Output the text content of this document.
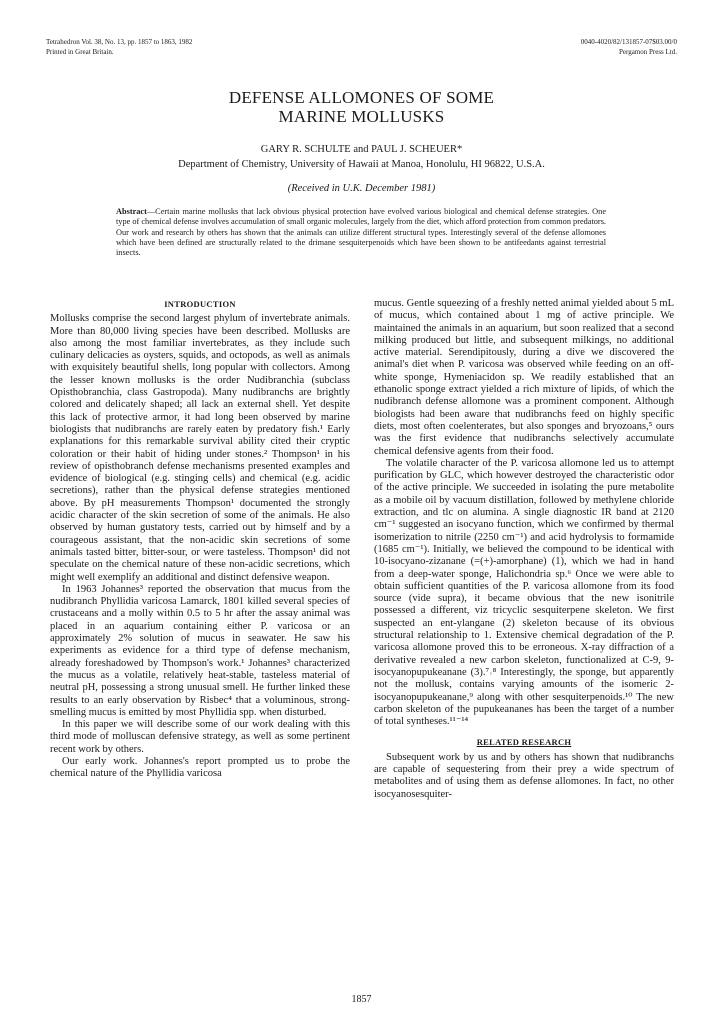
Tetrahedron Vol. 38, No. 13, pp. 1857 to 1863, 1982
Printed in Great Britain.
0040-4020/82/131857-07$03.00/0
Pergamon Press Ltd.
DEFENSE ALLOMONES OF SOME
MARINE MOLLUSKS
GARY R. SCHULTE and PAUL J. SCHEUER*
Department of Chemistry, University of Hawaii at Manoa, Honolulu, HI 96822, U.S.A.
(Received in U.K. December 1981)
Abstract—Certain marine mollusks that lack obvious physical protection have evolved various biological and chemical defense strategies. One type of chemical defense involves accumulation of small organic molecules, largely from the diet, which afford protection from common predators. Our work and research by others has shown that the animals can utilize different structural types. Interestingly several of the defense allomones which have been defined are structurally related to the drimane sesquiterpenoids which have been shown to be antifeedants against terrestrial insects.
INTRODUCTION

Mollusks comprise the second largest phylum of invertebrate animals. More than 80,000 living species have been described. Mollusks are also among the most familiar invertebrates, as they include such culinary delicacies as oysters, squids, and octopods, as well as animals with exquisitely beautiful shells, long popular with collectors. Among the lesser known mollusks is the order Nudibranchia (subclass Opisthobranchia, class Gastropoda). Many nudibranchs are brightly colored and delicately shaped; all lack an external shell. Yet despite this lack of protective armor, it had long been observed by marine biologists that nudibranchs are rarely eaten by predatory fish.¹ Early explanations for this remarkable survival ability cited their cryptic coloration or their habit of hiding under stones.² Thompson¹ in his review of opisthobranch defense mechanisms presented examples and evidence of biological (e.g. stinging cells) and chemical (e.g. acidic secretions), rather than the physical defense strategies mentioned above. By pH measurements Thompson¹ documented the strongly acidic character of the skin secretion of some of the animals. He also observed by human gustatory tests, carried out by himself and by a courageous assistant, that the non-acidic skin secretions of some animals tasted bitter, bitter-sour, or were tasteless. Thompson¹ did not speculate on the chemical nature of these non-acidic secretions, which might well exemplify an additional and distinct defensive weapon.

In 1963 Johannes³ reported the observation that mucus from the nudibranch Phyllidia varicosa Lamarck, 1801 killed several species of crustaceans and a molly within 0.5 to 5 hr after the assay animal was placed in an aquarium containing either P. varicosa or an approximately 2% solution of mucus in seawater. He saw his experiments as evidence for a third type of defense mechanism, already foreshadowed by Thompson's work.¹ Johannes³ characterized the mucus as a volatile, relatively heat-stable, tasteless material of neutral pH, possessing a strong unusual smell. He further linked these results to an early observation by Risbec⁴ that a voluminous, strong-smelling mucus is emitted by most Phyllidia spp. when disturbed.

In this paper we will describe some of our work dealing with this third mode of molluscan defensive strategy, as well as some pertinent recent work by others.

Our early work. Johannes's report prompted us to probe the chemical nature of the Phyllidia varicosa

mucus. Gentle squeezing of a freshly netted animal yielded about 5 mL of mucus, which contained about 1 mg of active principle. We maintained the animals in an aquarium, but soon realized that a second milking produced but little, and subsequent milkings, no additional active material. Serendipitously, during a dive we discovered the animal's diet when P. varicosa was observed while feeding on an off-white sponge, Hymeniacidon sp. We readily established that an ethanolic sponge extract yielded a rich mixture of lipids, of which the nudibranch defense allomone was a prominent component. Although biologists had been aware that nudibranchs feed on highly specific diets, most often coelenterates, but also sponges and bryozoans,⁵ ours was the first evidence that nudibranchs selectively accumulate chemical defensive agents from their food.

The volatile character of the P. varicosa allomone led us to attempt purification by GLC, which however destroyed the characteristic odor of the active principle. We succeeded in isolating the pure metabolite as a mobile oil by vacuum distillation, followed by methylene chloride extraction, and tlc on alumina. A single diagnostic IR band at 2120 cm⁻¹ suggested an isocyano function, which we confirmed by thermal isomerization to nitrile (2250 cm⁻¹) and acid hydrolysis to formamide (1685 cm⁻¹). Initially, we believed the compound to be identical with 10-isocyano-zizanane (=(+)-amorphane) (1), which we had in hand from a deep-water sponge, Halichondria sp.⁶ Once we were able to obtain sufficient quantities of the P. varicosa allomone from its food source (vide supra), it became obvious that the new isonitrile possessed a different, viz tricyclic sesquiterpene skeleton. We first suspected an ent-ylangane (2) skeleton because of its obvious structural relationship to 1. Extensive chemical degradation of the P. varicosa allomone proved this to be erroneous. X-ray diffraction of a derivative revealed a new carbon skeleton, functionalized at C-9, 9-isocyanopupukeanane (3).⁷˒⁸ Interestingly, the sponge, but apparently not the mollusk, contains varying amounts of the isomeric 2-isocyanopupukeanane,⁹ along with other sesquiterpenoids.¹⁰ The new carbon skeleton of the pupukeananes has been the target of a number of total syntheses.¹¹⁻¹⁴

RELATED RESEARCH

Subsequent work by us and by others has shown that nudibranchs are capable of sequestering from their prey a wide spectrum of metabolites and of using them as defense allomones. In fact, no other isocyanosesquiter-

1857
